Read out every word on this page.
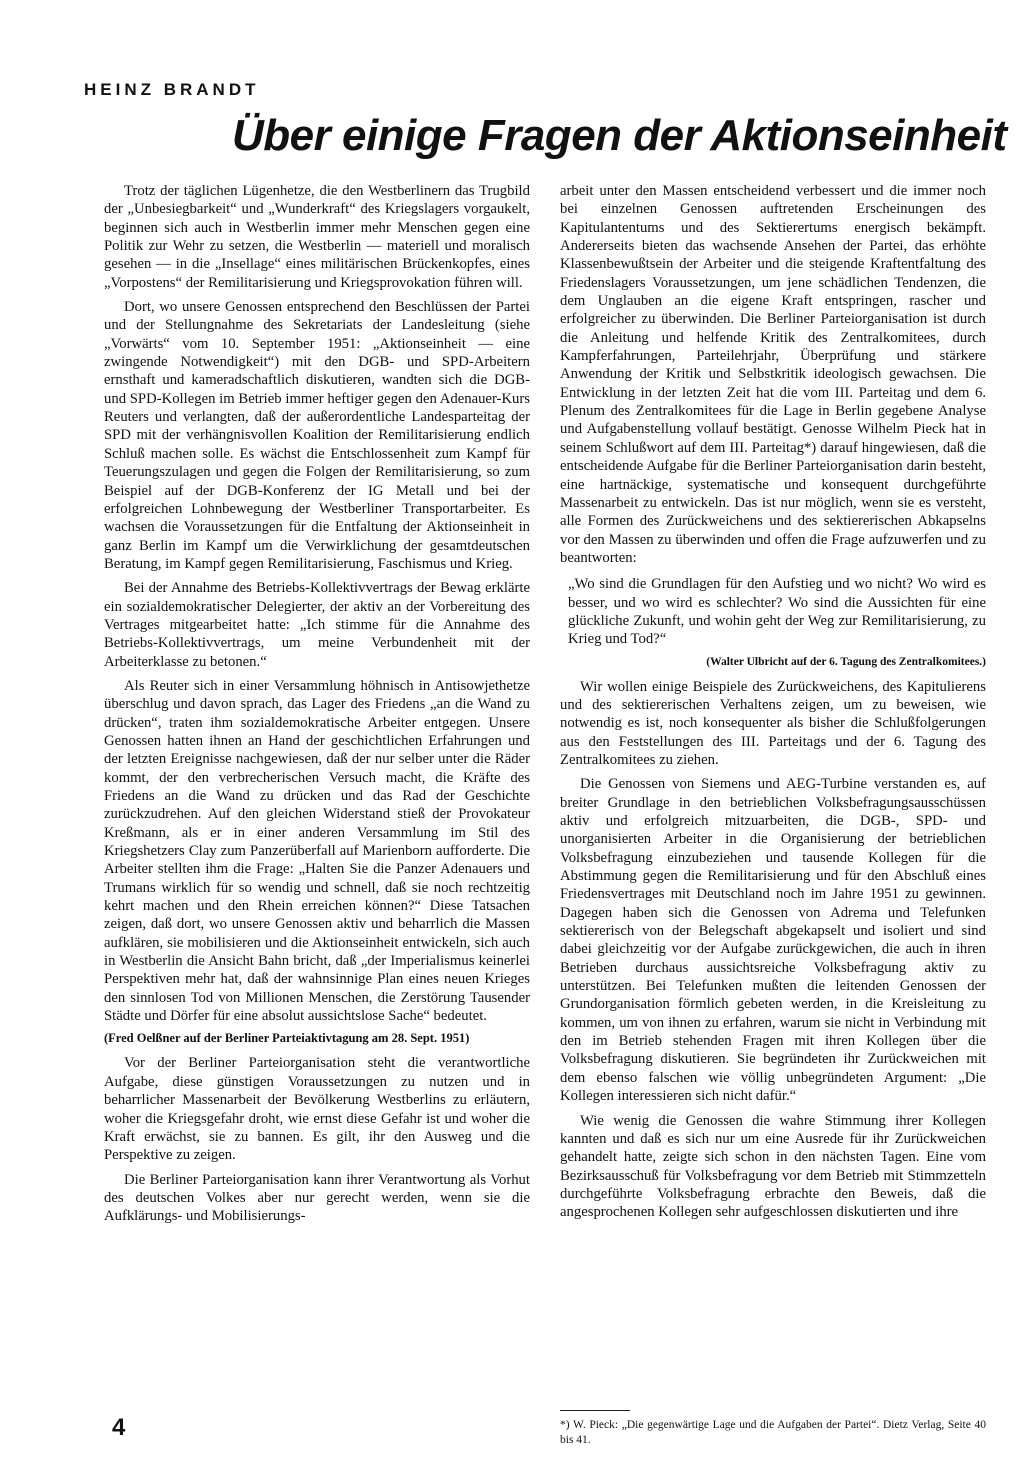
HEINZ BRANDT
Über einige Fragen der Aktionseinheit

Trotz der täglichen Lügenhetze, die den Westberlinern das Trugbild der „Unbesiegbarkeit“ und „Wunderkraft“ des Kriegslagers vorgaukelt, beginnen sich auch in Westberlin immer mehr Menschen gegen eine Politik zur Wehr zu setzen, die Westberlin — materiell und moralisch gesehen — in die „Insellage“ eines militärischen Brückenkopfes, eines „Vorpostens“ der Remilitarisierung und Kriegsprovokation führen will.

Dort, wo unsere Genossen entsprechend den Beschlüssen der Partei und der Stellungnahme des Sekretariats der Landesleitung (siehe „Vorwärts“ vom 10. September 1951: „Aktionseinheit — eine zwingende Notwendigkeit“) mit den DGB- und SPD-Arbeitern ernsthaft und kameradschaftlich diskutieren, wandten sich die DGB- und SPD-Kollegen im Betrieb immer heftiger gegen den Adenauer-Kurs Reuters und verlangten, daß der außerordentliche Landesparteitag der SPD mit der verhängnisvollen Koalition der Remilitarisierung endlich Schluß machen solle. Es wächst die Entschlossenheit zum Kampf für Teuerungszulagen und gegen die Folgen der Remilitarisierung, so zum Beispiel auf der DGB-Konferenz der IG Metall und bei der erfolgreichen Lohnbewegung der Westberliner Transportarbeiter. Es wachsen die Voraussetzungen für die Entfaltung der Aktionseinheit in ganz Berlin im Kampf um die Verwirklichung der gesamtdeutschen Beratung, im Kampf gegen Remilitarisierung, Faschismus und Krieg.

Bei der Annahme des Betriebs-Kollektivvertrags der Bewag erklärte ein sozialdemokratischer Delegierter, der aktiv an der Vorbereitung des Vertrages mitgearbeitet hatte: „Ich stimme für die Annahme des Betriebs-Kollektivvertrags, um meine Verbundenheit mit der Arbeiterklasse zu betonen.“

Als Reuter sich in einer Versammlung höhnisch in Antisowjethetze überschlug und davon sprach, das Lager des Friedens „an die Wand zu drücken“, traten ihm sozialdemokratische Arbeiter entgegen. Unsere Genossen hatten ihnen an Hand der geschichtlichen Erfahrungen und der letzten Ereignisse nachgewiesen, daß der nur selber unter die Räder kommt, der den verbrecherischen Versuch macht, die Kräfte des Friedens an die Wand zu drücken und das Rad der Geschichte zurückzudrehen. Auf den gleichen Widerstand stieß der Provokateur Kreßmann, als er in einer anderen Versammlung im Stil des Kriegshetzers Clay zum Panzerüberfall auf Marienborn aufforderte. Die Arbeiter stellten ihm die Frage: „Halten Sie die Panzer Adenauers und Trumans wirklich für so wendig und schnell, daß sie noch rechtzeitig kehrt machen und den Rhein erreichen können?“ Diese Tatsachen zeigen, daß dort, wo unsere Genossen aktiv und beharrlich die Massen aufklären, sie mobilisieren und die Aktionseinheit entwickeln, sich auch in Westberlin die Ansicht Bahn bricht, daß „der Imperialismus keinerlei Perspektiven mehr hat, daß der wahnsinnige Plan eines neuen Krieges den sinnlosen Tod von Millionen Menschen, die Zerstörung Tausender Städte und Dörfer für eine absolut aussichtslose Sache“ bedeutet.

(Fred Oelßner auf der Berliner Parteiaktivtagung am 28. Sept. 1951)

Vor der Berliner Parteiorganisation steht die verantwortliche Aufgabe, diese günstigen Voraussetzungen zu nutzen und in beharrlicher Massenarbeit der Bevölkerung Westberlins zu erläutern, woher die Kriegsgefahr droht, wie ernst diese Gefahr ist und woher die Kraft erwächst, sie zu bannen. Es gilt, ihr den Ausweg und die Perspektive zu zeigen.

Die Berliner Parteiorganisation kann ihrer Verantwortung als Vorhut des deutschen Volkes aber nur gerecht werden, wenn sie die Aufklärungs- und Mobilisierungs-

arbeit unter den Massen entscheidend verbessert und die immer noch bei einzelnen Genossen auftretenden Erscheinungen des Kapitulantentums und des Sektierertums energisch bekämpft. Andererseits bieten das wachsende Ansehen der Partei, das erhöhte Klassenbewußtsein der Arbeiter und die steigende Kraftentfaltung des Friedenslagers Voraussetzungen, um jene schädlichen Tendenzen, die dem Unglauben an die eigene Kraft entspringen, rascher und erfolgreicher zu überwinden. Die Berliner Parteiorganisation ist durch die Anleitung und helfende Kritik des Zentralkomitees, durch Kampferfahrungen, Parteilehrjahr, Überprüfung und stärkere Anwendung der Kritik und Selbstkritik ideologisch gewachsen. Die Entwicklung in der letzten Zeit hat die vom III. Parteitag und dem 6. Plenum des Zentralkomitees für die Lage in Berlin gegebene Analyse und Aufgabenstellung vollauf bestätigt. Genosse Wilhelm Pieck hat in seinem Schlußwort auf dem III. Parteitag*) darauf hingewiesen, daß die entscheidende Aufgabe für die Berliner Parteiorganisation darin besteht, eine hartnäckige, systematische und konsequent durchgeführte Massenarbeit zu entwickeln. Das ist nur möglich, wenn sie es versteht, alle Formen des Zurückweichens und des sektiererischen Abkapselns vor den Massen zu überwinden und offen die Frage aufzuwerfen und zu beantworten:

„Wo sind die Grundlagen für den Aufstieg und wo nicht? Wo wird es besser, und wo wird es schlechter? Wo sind die Aussichten für eine glückliche Zukunft, und wohin geht der Weg zur Remilitarisierung, zu Krieg und Tod?“

(Walter Ulbricht auf der 6. Tagung des Zentralkomitees.)

Wir wollen einige Beispiele des Zurückweichens, des Kapitulierens und des sektiererischen Verhaltens zeigen, um zu beweisen, wie notwendig es ist, noch konsequenter als bisher die Schlußfolgerungen aus den Feststellungen des III. Parteitags und der 6. Tagung des Zentralkomitees zu ziehen.

Die Genossen von Siemens und AEG-Turbine verstanden es, auf breiter Grundlage in den betrieblichen Volksbefragungsausschüssen aktiv und erfolgreich mitzuarbeiten, die DGB-, SPD- und unorganisierten Arbeiter in die Organisierung der betrieblichen Volksbefragung einzubeziehen und tausende Kollegen für die Abstimmung gegen die Remilitarisierung und für den Abschluß eines Friedensvertrages mit Deutschland noch im Jahre 1951 zu gewinnen. Dagegen haben sich die Genossen von Adrema und Telefunken sektiererisch von der Belegschaft abgekapselt und isoliert und sind dabei gleichzeitig vor der Aufgabe zurückgewichen, die auch in ihren Betrieben durchaus aussichtsreiche Volksbefragung aktiv zu unterstützen. Bei Telefunken mußten die leitenden Genossen der Grundorganisation förmlich gebeten werden, in die Kreisleitung zu kommen, um von ihnen zu erfahren, warum sie nicht in Verbindung mit den im Betrieb stehenden Fragen mit ihren Kollegen über die Volksbefragung diskutieren. Sie begründeten ihr Zurückweichen mit dem ebenso falschen wie völlig unbegründeten Argument: „Die Kollegen interessieren sich nicht dafür.“

Wie wenig die Genossen die wahre Stimmung ihrer Kollegen kannten und daß es sich nur um eine Ausrede für ihr Zurückweichen gehandelt hatte, zeigte sich schon in den nächsten Tagen. Eine vom Bezirksausschuß für Volksbefragung vor dem Betrieb mit Stimmzetteln durchgeführte Volksbefragung erbrachte den Beweis, daß die angesprochenen Kollegen sehr aufgeschlossen diskutierten und ihre

*) W. Pieck: „Die gegenwärtige Lage und die Aufgaben der Partei“. Dietz Verlag, Seite 40 bis 41.
4
